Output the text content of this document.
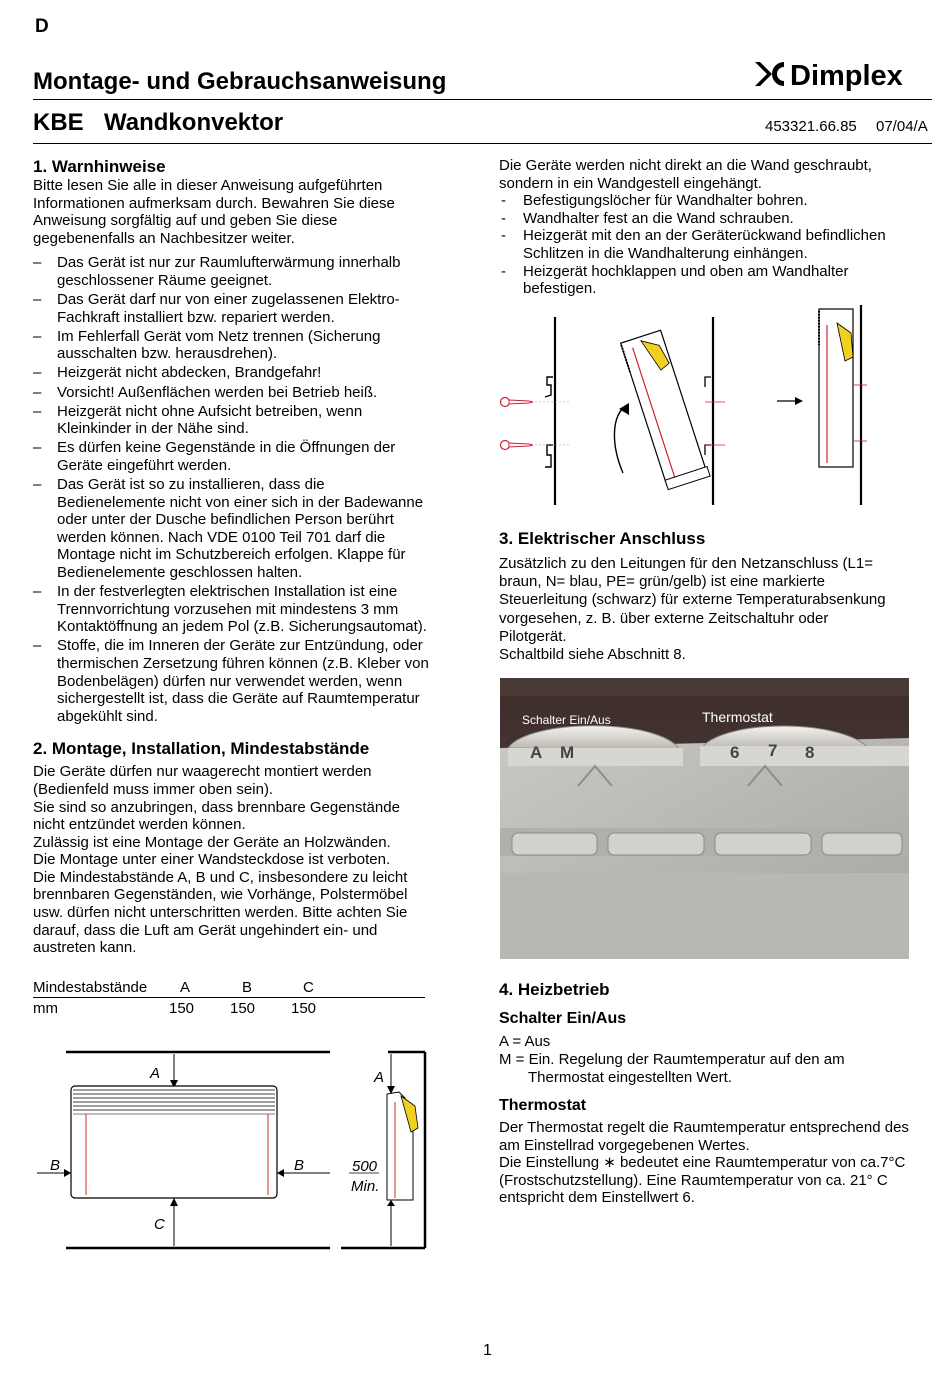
D
Montage- und Gebrauchsanweisung	Dimplex
KBE Wandkonvektor	453321.66.85 07/04/A
1. Warnhinweise
Bitte lesen Sie alle in dieser Anweisung aufgeführten
Informationen aufmerksam durch. Bewahren Sie diese
Anweisung sorgfältig auf und geben Sie diese
gegebenenfalls an Nachbesitzer weiter.
– Das Gerät ist nur zur Raumlufterwärmung innerhalb
geschlossener Räume geeignet.
– Das Gerät darf nur von einer zugelassenen Elektro-
Fachkraft installiert bzw. repariert werden.
– Im Fehlerfall Gerät vom Netz trennen (Sicherung
ausschalten bzw. herausdrehen).
– Heizgerät nicht abdecken, Brandgefahr!
– Vorsicht! Außenflächen werden bei Betrieb heiß.
– Heizgerät nicht ohne Aufsicht betreiben, wenn
Kleinkinder in der Nähe sind.
– Es dürfen keine Gegenstände in die Öffnungen der
Geräte eingeführt werden.
– Das Gerät ist so zu installieren, dass die
Bedienelemente nicht von einer sich in der Badewanne
oder unter der Dusche befindlichen Person berührt
werden können. Nach VDE 0100 Teil 701 darf die
Montage nicht im Schutzbereich erfolgen. Klappe für
Bedienelemente geschlossen halten.
– In der festverlegten elektrischen Installation ist eine
Trennvorrichtung vorzusehen mit mindestens 3 mm
Kontaktöffnung an jedem Pol (z.B. Sicherungsautomat).
– Stoffe, die im Inneren der Geräte zur Entzündung, oder
thermischen Zersetzung führen können (z.B. Kleber von
Bodenbelägen) dürfen nur verwendet werden, wenn
sichergestellt ist, dass die Geräte auf Raumtemperatur
abgekühlt sind.
2. Montage, Installation, Mindestabstände
Die Geräte dürfen nur waagerecht montiert werden
(Bedienfeld muss immer oben sein).
Sie sind so anzubringen, dass brennbare Gegenstände
nicht entzündet werden können.
Zulässig ist eine Montage der Geräte an Holzwänden.
Die Montage unter einer Wandsteckdose ist verboten.
Die Mindestabstände A, B und C, insbesondere zu leicht
brennbaren Gegenständen, wie Vorhänge, Polstermöbel
usw. dürfen nicht unterschritten werden. Bitte achten Sie
darauf, dass die Luft am Gerät ungehindert ein- und
austreten kann.
Mindestabstände A	B	C
mm	150 150 150
A
B	B
C
A
500
Min.
Die Geräte werden nicht direkt an die Wand geschraubt,
sondern in ein Wandgestell eingehängt.
- Befestigungslöcher für Wandhalter bohren.
- Wandhalter fest an die Wand schrauben.
- Heizgerät mit den an der Geräterückwand befindlichen
Schlitzen in die Wandhalterung einhängen.
- Heizgerät hochklappen und oben am Wandhalter
befestigen.
3. Elektrischer Anschluss
Zusätzlich zu den Leitungen für den Netzanschluss (L1=
braun, N= blau, PE= grün/gelb) ist eine markierte
Steuerleitung (schwarz) für externe Temperaturabsenkung
vorgesehen, z. B. über externe Zeitschaltuhr oder
Pilotgerät.
Schaltbild siehe Abschnitt 8.
A M	6 7 8
Schalter Ein/Aus	Thermostat
4. Heizbetrieb
Schalter Ein/Aus
A = Aus
M = Ein. Regelung der Raumtemperatur auf den am
Thermostat eingestellten Wert.
Thermostat
Der Thermostat regelt die Raumtemperatur entsprechend des
am Einstellrad vorgegebenen Wertes.
Die Einstellung ∗ bedeutet eine Raumtemperatur von ca.7°C
(Frostschutzstellung). Eine Raumtemperatur von ca. 21° C
entspricht dem Einstellwert 6.
1
